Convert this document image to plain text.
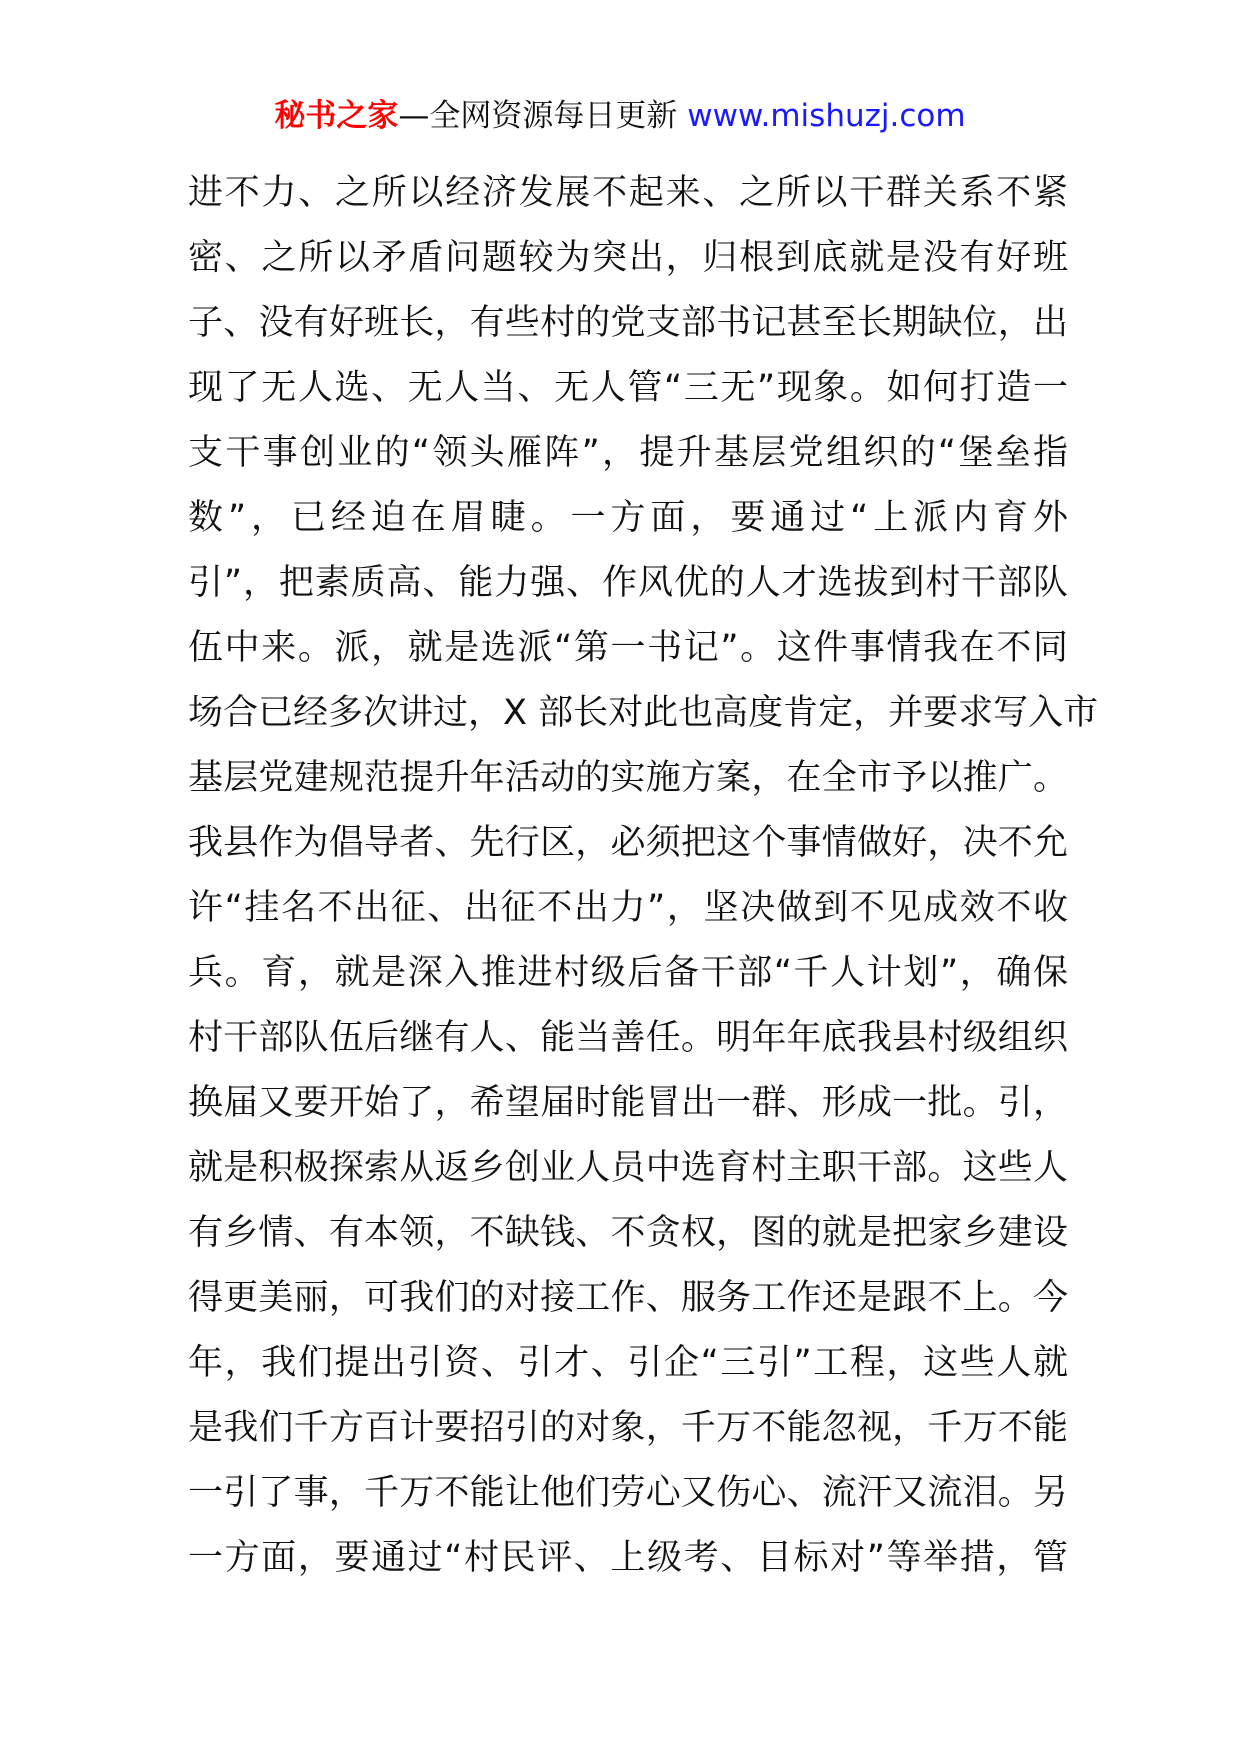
秘书之家—全网资源每日更新 www.mishuzj.com
进不力、之所以经济发展不起来、之所以干群关系不紧
密、之所以矛盾问题较为突出，归根到底就是没有好班
子、没有好班长，有些村的党支部书记甚至长期缺位，出
现了无人选、无人当、无人管“三无”现象。如何打造一
支干事创业的“领头雁阵”，提升基层党组织的“堡垒指
数”，已经迫在眉睫。一方面，要通过“上派内育外
引”，把素质高、能力强、作风优的人才选拔到村干部队
伍中来。派，就是选派“第一书记”。这件事情我在不同
场合已经多次讲过，X 部长对此也高度肯定，并要求写入市
基层党建规范提升年活动的实施方案，在全市予以推广。
我县作为倡导者、先行区，必须把这个事情做好，决不允
许“挂名不出征、出征不出力”，坚决做到不见成效不收
兵。育，就是深入推进村级后备干部“千人计划”，确保
村干部队伍后继有人、能当善任。明年年底我县村级组织
换届又要开始了，希望届时能冒出一群、形成一批。引，
就是积极探索从返乡创业人员中选育村主职干部。这些人
有乡情、有本领，不缺钱、不贪权，图的就是把家乡建设
得更美丽，可我们的对接工作、服务工作还是跟不上。今
年，我们提出引资、引才、引企“三引”工程，这些人就
是我们千方百计要招引的对象，千万不能忽视，千万不能
一引了事，千万不能让他们劳心又伤心、流汗又流泪。另
一方面，要通过“村民评、上级考、目标对”等举措，管
